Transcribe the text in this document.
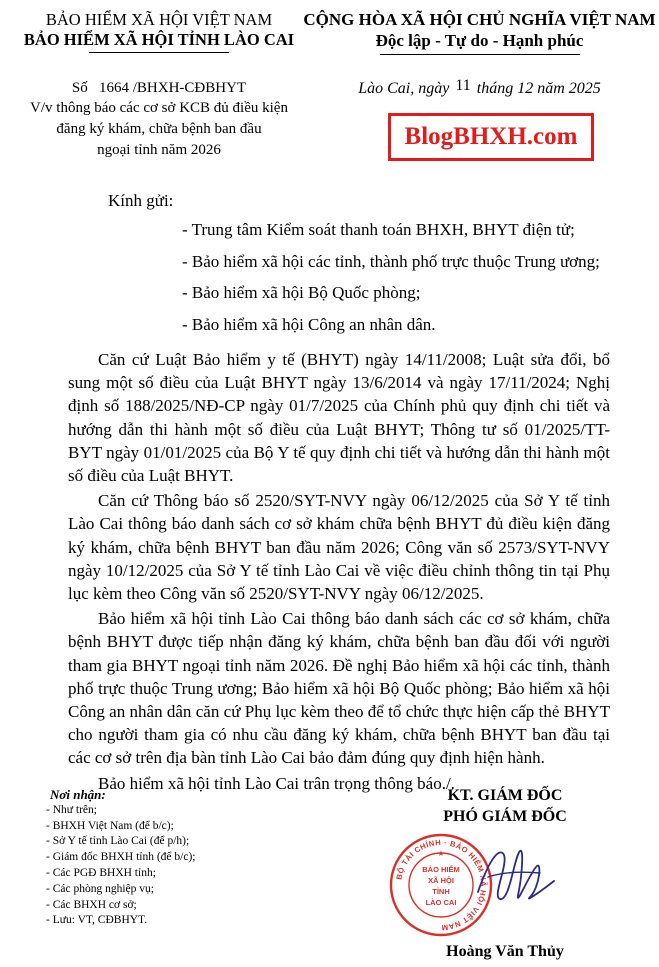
BẢO HIỂM XÃ HỘI VIỆT NAM
BẢO HIỂM XÃ HỘI TỈNH LÀO CAI
CỘNG HÒA XÃ HỘI CHỦ NGHĨA VIỆT NAM
Độc lập - Tự do - Hạnh phúc
Số 1664 /BHXH-CĐBHYT
V/v thông báo các cơ sở KCB đủ điều kiện
đăng ký khám, chữa bệnh ban đầu
ngoại tỉnh năm 2026
Lào Cai, ngày 11 tháng 12 năm 2025
BlogBHXH.com
Kính gửi:
- Trung tâm Kiểm soát thanh toán BHXH, BHYT điện tử;
- Bảo hiểm xã hội các tỉnh, thành phố trực thuộc Trung ương;
- Bảo hiểm xã hội Bộ Quốc phòng;
- Bảo hiểm xã hội Công an nhân dân.

Căn cứ Luật Bảo hiểm y tế (BHYT) ngày 14/11/2008; Luật sửa đổi, bổ sung một số điều của Luật BHYT ngày 13/6/2014 và ngày 17/11/2024; Nghị định số 188/2025/NĐ-CP ngày 01/7/2025 của Chính phủ quy định chi tiết và hướng dẫn thi hành một số điều của Luật BHYT; Thông tư số 01/2025/TT-BYT ngày 01/01/2025 của Bộ Y tế quy định chi tiết và hướng dẫn thi hành một số điều của Luật BHYT.

Căn cứ Thông báo số 2520/SYT-NVY ngày 06/12/2025 của Sở Y tế tỉnh Lào Cai thông báo danh sách cơ sở khám chữa bệnh BHYT đủ điều kiện đăng ký khám, chữa bệnh BHYT ban đầu năm 2026; Công văn số 2573/SYT-NVY ngày 10/12/2025 của Sở Y tế tỉnh Lào Cai về việc điều chỉnh thông tin tại Phụ lục kèm theo Công văn số 2520/SYT-NVY ngày 06/12/2025.

Bảo hiểm xã hội tỉnh Lào Cai thông báo danh sách các cơ sở khám, chữa bệnh BHYT được tiếp nhận đăng ký khám, chữa bệnh ban đầu đối với người tham gia BHYT ngoại tỉnh năm 2026. Đề nghị Bảo hiểm xã hội các tỉnh, thành phố trực thuộc Trung ương; Bảo hiểm xã hội Bộ Quốc phòng; Bảo hiểm xã hội Công an nhân dân căn cứ Phụ lục kèm theo để tổ chức thực hiện cấp thẻ BHYT cho người tham gia có nhu cầu đăng ký khám, chữa bệnh BHYT ban đầu tại các cơ sở trên địa bàn tỉnh Lào Cai bảo đảm đúng quy định hiện hành.

Bảo hiểm xã hội tỉnh Lào Cai trân trọng thông báo./.

Nơi nhận:
- Như trên;
- BHXH Việt Nam (để b/c);
- Sở Y tế tỉnh Lào Cai (để p/h);
- Giám đốc BHXH tỉnh (để b/c);
- Các PGĐ BHXH tỉnh;
- Các phòng nghiệp vụ;
- Các BHXH cơ sở;
- Lưu: VT, CĐBHYT.
KT. GIÁM ĐỐC
PHÓ GIÁM ĐỐC
Hoàng Văn Thủy
BỘ TÀI CHÍNH · BẢO HIỂM XÃ HỘI VIỆT NAM
BẢO HIỂM
XÃ HỘI
TỈNH
LÀO CAI
★
